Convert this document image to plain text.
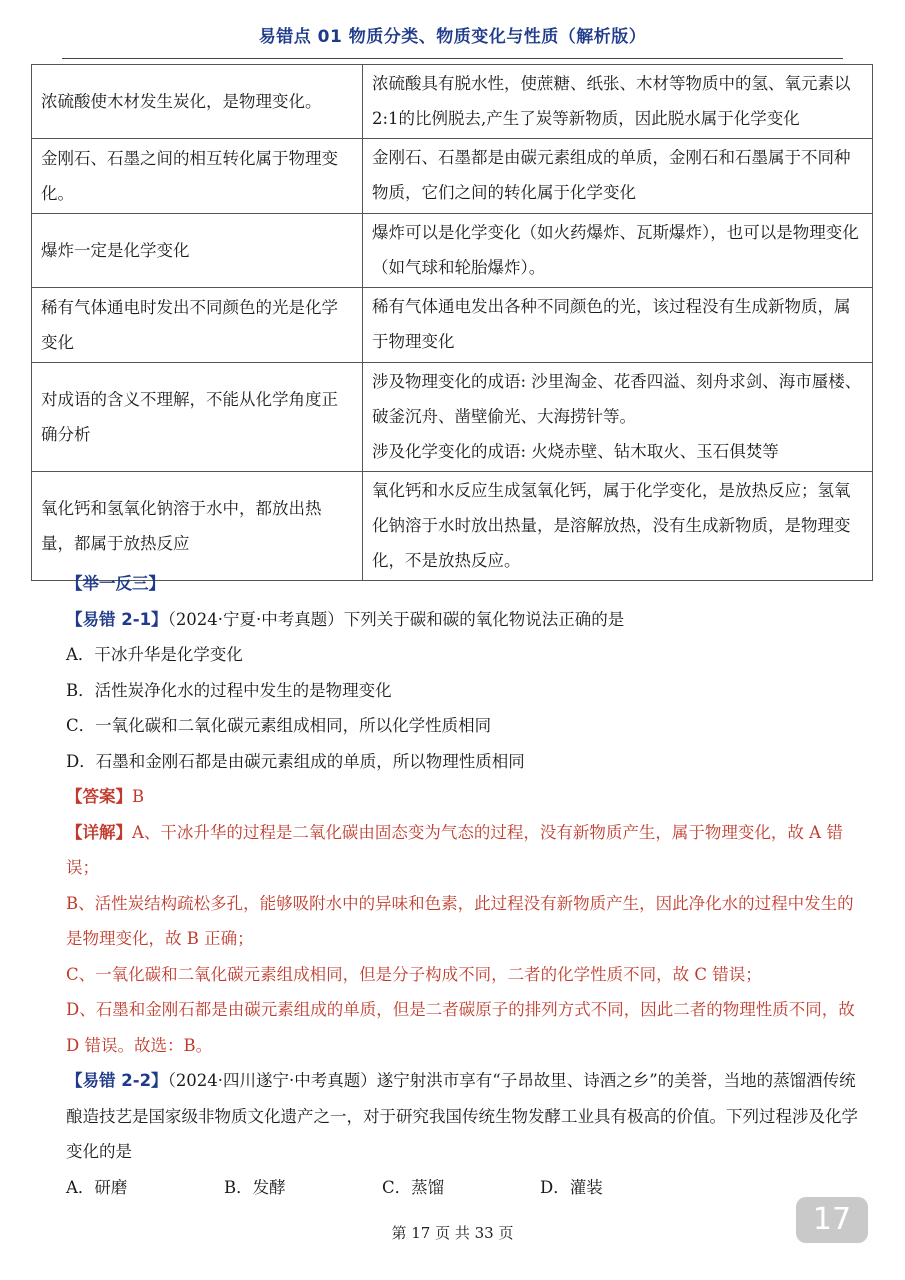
易错点 01 物质分类、物质变化与性质（解析版）
浓硫酸使木材发生炭化，是物理变化。	浓硫酸具有脱水性，使蔗糖、纸张、木材等物质中的氢、氧元素以2:1的比例脱去,产生了炭等新物质，因此脱水属于化学变化

金刚石、石墨之间的相互转化属于物理变化。	金刚石、石墨都是由碳元素组成的单质，金刚石和石墨属于不同种物质，它们之间的转化属于化学变化

爆炸一定是化学变化	爆炸可以是化学变化（如火药爆炸、瓦斯爆炸），也可以是物理变化（如气球和轮胎爆炸）。

稀有气体通电时发出不同颜色的光是化学变化	稀有气体通电发出各种不同颜色的光，该过程没有生成新物质，属于物理变化

对成语的含义不理解，不能从化学角度正确分析	涉及物理变化的成语: 沙里淘金、花香四溢、刻舟求剑、海市蜃楼、破釜沉舟、凿壁偷光、大海捞针等。
涉及化学变化的成语: 火烧赤壁、钻木取火、玉石俱焚等

氧化钙和氢氧化钠溶于水中，都放出热量，都属于放热反应	氧化钙和水反应生成氢氧化钙，属于化学变化，是放热反应；氢氧化钠溶于水时放出热量，是溶解放热，没有生成新物质，是物理变化，不是放热反应。

【举一反三】

【易错 2-1】（2024·宁夏·中考真题）下列关于碳和碳的氧化物说法正确的是

A．干冰升华是化学变化

B．活性炭净化水的过程中发生的是物理变化

C．一氧化碳和二氧化碳元素组成相同，所以化学性质相同

D．石墨和金刚石都是由碳元素组成的单质，所以物理性质相同

【答案】B

【详解】A、干冰升华的过程是二氧化碳由固态变为气态的过程，没有新物质产生，属于物理变化，故 A 错误；

B、活性炭结构疏松多孔，能够吸附水中的异味和色素，此过程没有新物质产生，因此净化水的过程中发生的是物理变化，故 B 正确；

C、一氧化碳和二氧化碳元素组成相同，但是分子构成不同，二者的化学性质不同，故 C 错误；

D、石墨和金刚石都是由碳元素组成的单质，但是二者碳原子的排列方式不同，因此二者的物理性质不同，故 D 错误。故选：B。

【易错 2-2】（2024·四川遂宁·中考真题）遂宁射洪市享有“子昂故里、诗酒之乡”的美誉，当地的蒸馏酒传统酿造技艺是国家级非物质文化遗产之一，对于研究我国传统生物发酵工业具有极高的价值。下列过程涉及化学变化的是

A．研磨	B．发酵	C．蒸馏	D．灌装
第 17 页 共 33 页	17
